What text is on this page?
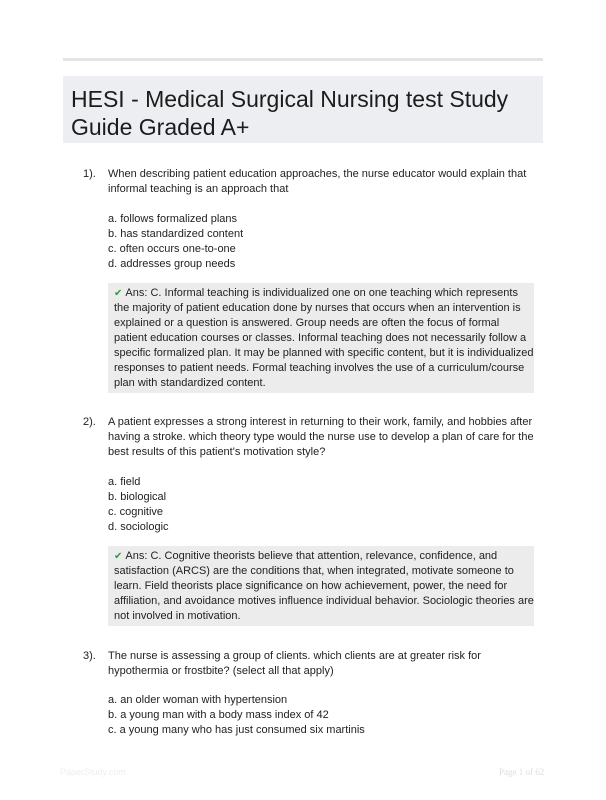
HESI - Medical Surgical Nursing test Study Guide Graded A+
1). When describing patient education approaches, the nurse educator would explain that informal teaching is an approach that
a. follows formalized plans
b. has standardized content
c. often occurs one-to-one
d. addresses group needs
✔ Ans: C. Informal teaching is individualized one on one teaching which represents the majority of patient education done by nurses that occurs when an intervention is explained or a question is answered. Group needs are often the focus of formal patient education courses or classes. Informal teaching does not necessarily follow a specific formalized plan. It may be planned with specific content, but it is individualized responses to patient needs. Formal teaching involves the use of a curriculum/course plan with standardized content.
2). A patient expresses a strong interest in returning to their work, family, and hobbies after having a stroke. which theory type would the nurse use to develop a plan of care for the best results of this patient's motivation style?
a. field
b. biological
c. cognitive
d. sociologic
✔ Ans: C. Cognitive theorists believe that attention, relevance, confidence, and satisfaction (ARCS) are the conditions that, when integrated, motivate someone to learn. Field theorists place significance on how achievement, power, the need for affiliation, and avoidance motives influence individual behavior. Sociologic theories are not involved in motivation.
3). The nurse is assessing a group of clients. which clients are at greater risk for hypothermia or frostbite? (select all that apply)
a. an older woman with hypertension
b. a young man with a body mass index of 42
c. a young many who has just consumed six martinis
PaperStudy.com	Page 1 of 62
